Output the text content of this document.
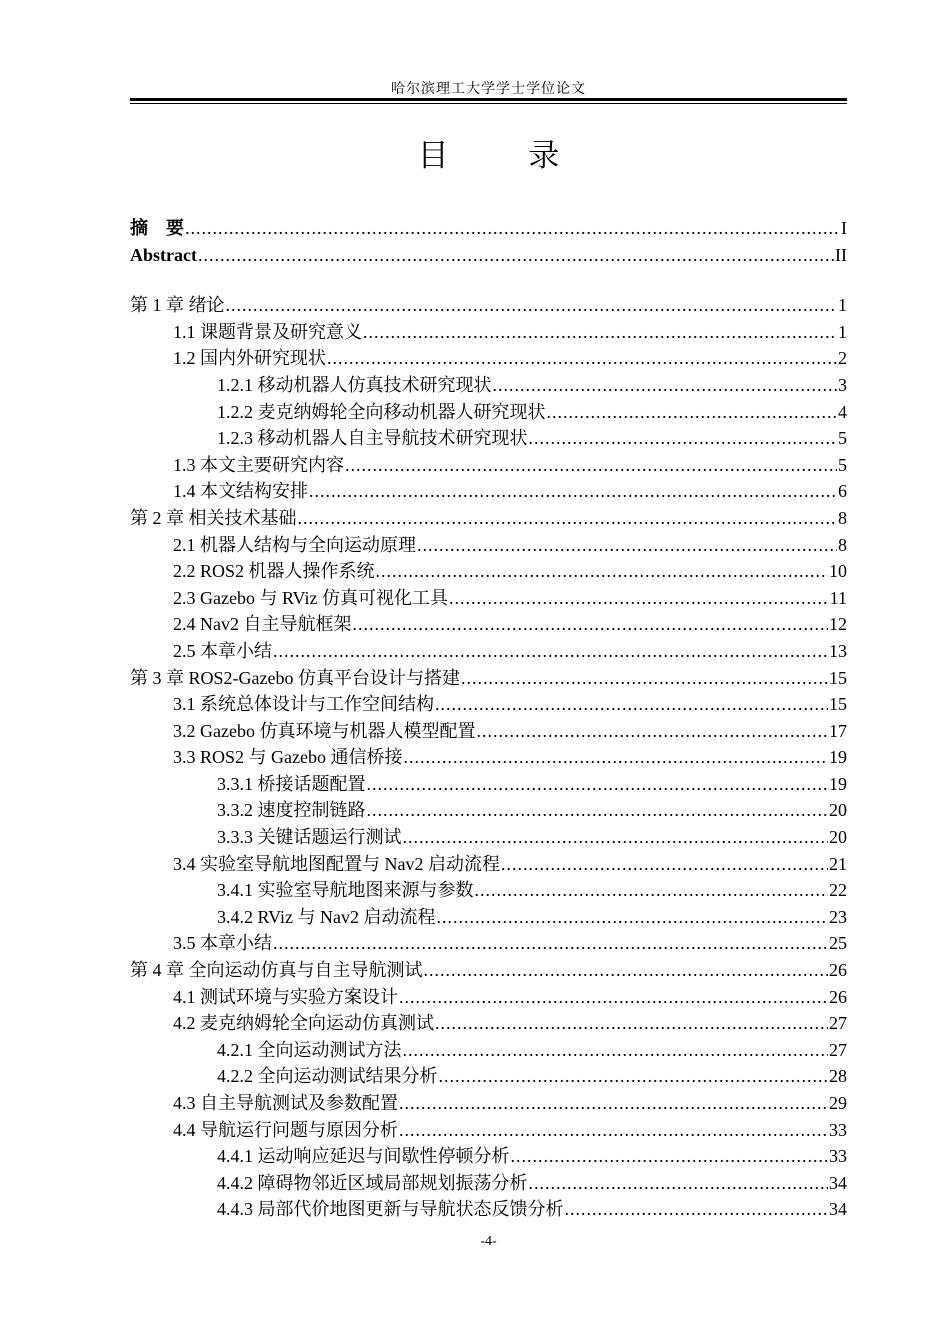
哈尔滨理工大学学士学位论文
目 录
摘　要 .....	I
Abstract .....	II
第 1 章 绪论 .....	1
1.1 课题背景及研究意义 .....	1
1.2 国内外研究现状 .....	2
1.2.1 移动机器人仿真技术研究现状 .....	3
1.2.2 麦克纳姆轮全向移动机器人研究现状 .....	4
1.2.3 移动机器人自主导航技术研究现状 .....	5
1.3 本文主要研究内容 .....	5
1.4 本文结构安排 .....	6
第 2 章 相关技术基础 .....	8
2.1 机器人结构与全向运动原理 .....	8
2.2 ROS2 机器人操作系统 .....	10
2.3 Gazebo 与 RViz 仿真可视化工具 .....	11
2.4 Nav2 自主导航框架 .....	12
2.5 本章小结 .....	13
第 3 章 ROS2-Gazebo 仿真平台设计与搭建 .....	15
3.1 系统总体设计与工作空间结构 .....	15
3.2 Gazebo 仿真环境与机器人模型配置 .....	17
3.3 ROS2 与 Gazebo 通信桥接 .....	19
3.3.1 桥接话题配置 .....	19
3.3.2 速度控制链路 .....	20
3.3.3 关键话题运行测试 .....	20
3.4 实验室导航地图配置与 Nav2 启动流程 .....	21
3.4.1 实验室导航地图来源与参数 .....	22
3.4.2 RViz 与 Nav2 启动流程 .....	23
3.5 本章小结 .....	25
第 4 章 全向运动仿真与自主导航测试 .....	26
4.1 测试环境与实验方案设计 .....	26
4.2 麦克纳姆轮全向运动仿真测试 .....	27
4.2.1 全向运动测试方法 .....	27
4.2.2 全向运动测试结果分析 .....	28
4.3 自主导航测试及参数配置 .....	29
4.4 导航运行问题与原因分析 .....	33
4.4.1 运动响应延迟与间歇性停顿分析 .....	33
4.4.2 障碍物邻近区域局部规划振荡分析 .....	34
4.4.3 局部代价地图更新与导航状态反馈分析 .....	34
-4-
